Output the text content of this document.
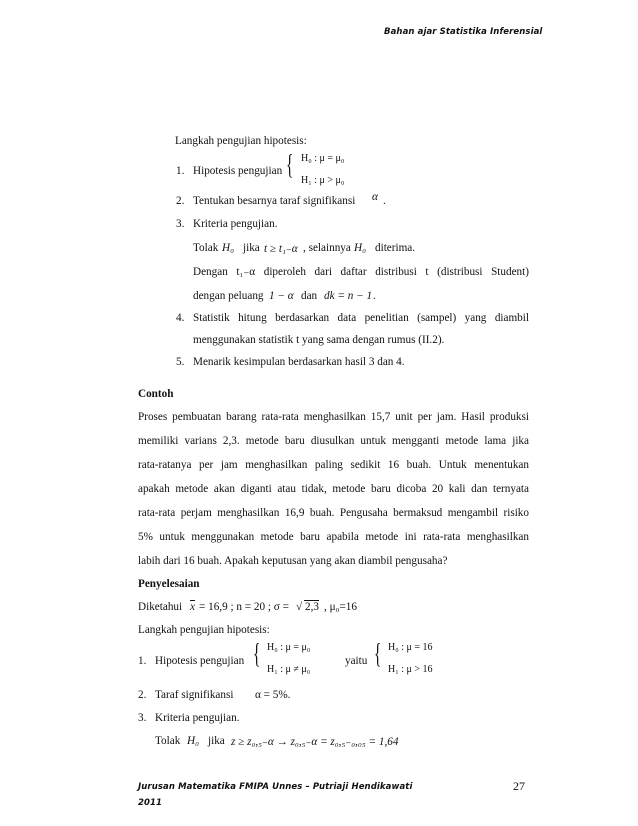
Bahan ajar Statistika Inferensial
Langkah pengujian hipotesis:
1. Hipotesis pengujian { H₀ : μ = μ₀
H₁ : μ > μ₀
2. Tentukan besarnya taraf signifikansi α .
3. Kriteria pengujian.
Tolak H₀ jika t ≥ t₁₋α , selainnya H₀ diterima.
Dengan t₁₋α diperoleh dari daftar distribusi t (distribusi Student)
dengan peluang 1 − α dan dk = n − 1 .
4. Statistik hitung berdasarkan data penelitian (sampel) yang diambil
menggunakan statistik t yang sama dengan rumus (II.2).
5. Menarik kesimpulan berdasarkan hasil 3 dan 4.
Contoh
Proses pembuatan barang rata-rata menghasilkan 15,7 unit per jam. Hasil produksi
memiliki varians 2,3. metode baru diusulkan untuk mengganti metode lama jika
rata-ratanya per jam menghasilkan paling sedikit 16 buah. Untuk menentukan
apakah metode akan diganti atau tidak, metode baru dicoba 20 kali dan ternyata
rata-rata perjam menghasilkan 16,9 buah. Pengusaha bermaksud mengambil risiko
5% untuk menggunakan metode baru apabila metode ini rata-rata menghasilkan
labih dari 16 buah. Apakah keputusan yang akan diambil pengusaha?
Penyelesaian
Diketahui $\overline{x} = 16,9$ ; n = 20 ; σ = √ 2,3 , μ₀=16
Langkah pengujian hipotesis:
1. Hipotesis pengujian { H₀ : μ = μ₀
H₁ : μ ≠ μ₀
yaitu { H₀ : μ = 16
H₁ : μ > 16
2. Taraf signifikansi α = 5%.
3. Kriteria pengujian.
Tolak H₀ jika z ≥ z₀,₅₋α → z₀,₅₋α = z₀,₅₋₀,₀₅ = 1,64
Jurusan Matematika FMIPA Unnes – Putriaji Hendikawati
2011
27
